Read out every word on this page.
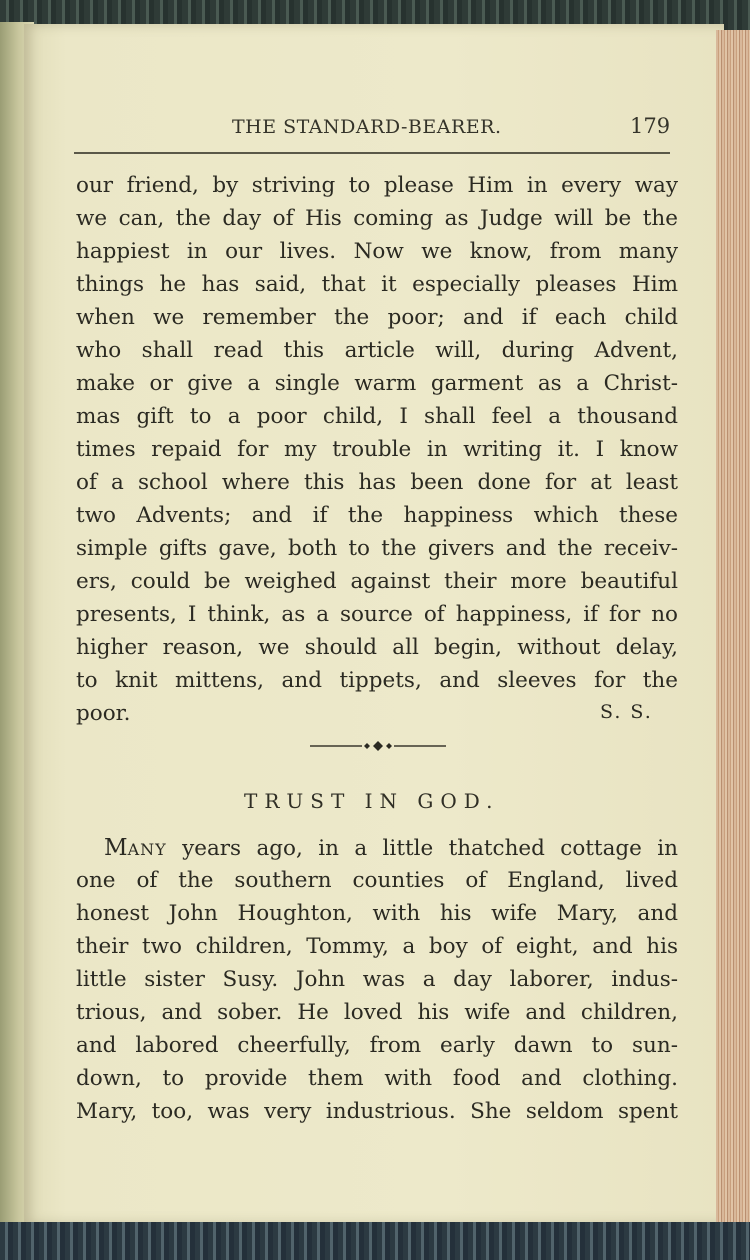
THE STANDARD-BEARER.	179
our friend, by striving to please Him in every way
we can, the day of His coming as Judge will be the
happiest in our lives. Now we know, from many
things he has said, that it especially pleases Him
when we remember the poor; and if each child
who shall read this article will, during Advent,
make or give a single warm garment as a Christ-
mas gift to a poor child, I shall feel a thousand
times repaid for my trouble in writing it. I know
of a school where this has been done for at least
two Advents; and if the happiness which these
simple gifts gave, both to the givers and the receiv-
ers, could be weighed against their more beautiful
presents, I think, as a source of happiness, if for no
higher reason, we should all begin, without delay,
to knit mittens, and tippets, and sleeves for the
poor.	S. S.
TRUST IN GOD.
MANY years ago, in a little thatched cottage in
one of the southern counties of England, lived
honest John Houghton, with his wife Mary, and
their two children, Tommy, a boy of eight, and his
little sister Susy. John was a day laborer, indus-
trious, and sober. He loved his wife and children,
and labored cheerfully, from early dawn to sun-
down, to provide them with food and clothing.
Mary, too, was very industrious. She seldom spent
